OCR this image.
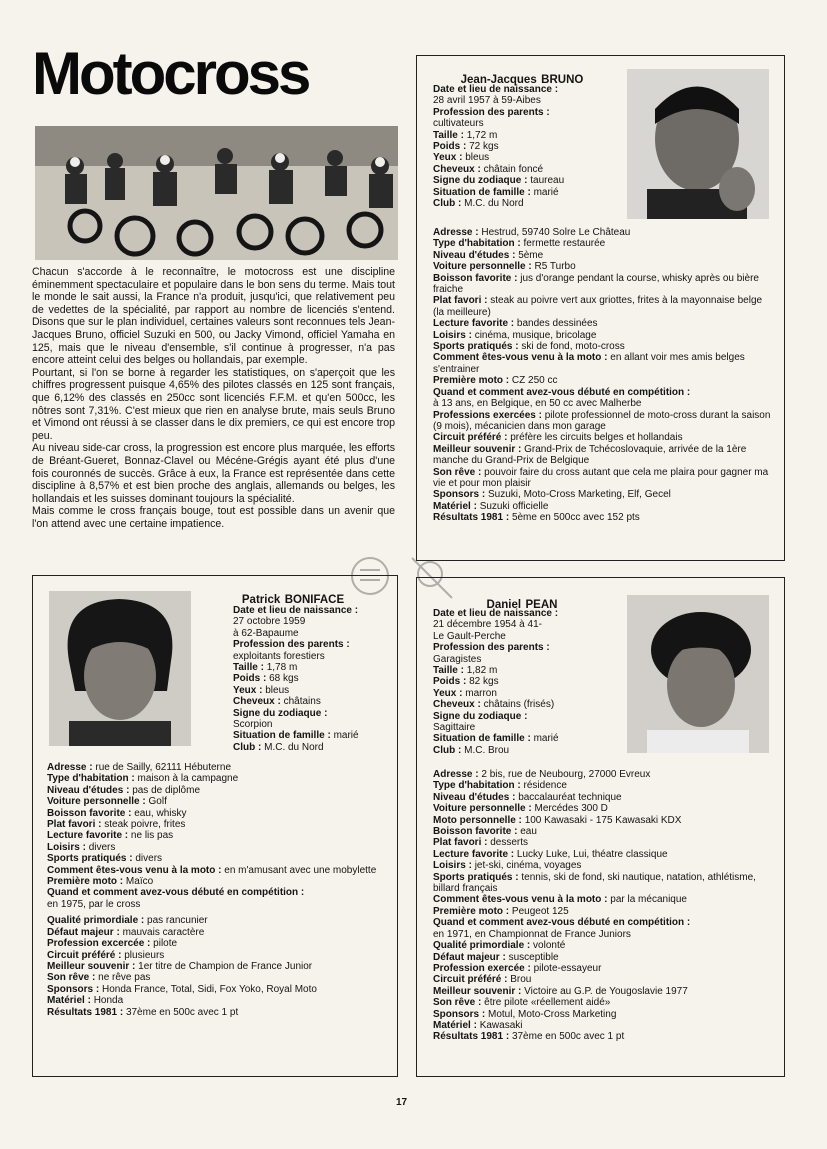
Motocross

Chacun s'accorde à le reconnaître, le motocross est une discipline éminemment spectaculaire et populaire dans le bon sens du terme. Mais tout le monde le sait aussi, la France n'a produit, jusqu'ici, que relativement peu de vedettes de la spécialité, par rapport au nombre de licenciés s'entend. Disons que sur le plan individuel, certaines valeurs sont reconnues tels Jean-Jacques Bruno, officiel Suzuki en 500, ou Jacky Vimond, officiel Yamaha en 125, mais que le niveau d'ensemble, s'il continue à progresser, n'a pas encore atteint celui des belges ou hollandais, par exemple.

Pourtant, si l'on se borne à regarder les statistiques, on s'aperçoit que les chiffres progressent puisque 4,65% des pilotes classés en 125 sont français, que 6,12% des classés en 250cc sont licenciés F.F.M. et qu'en 500cc, les nôtres sont 7,31%. C'est mieux que rien en analyse brute, mais seuls Bruno et Vimond ont réussi à se classer dans le dix premiers, ce qui est encore trop peu.

Au niveau side-car cross, la progression est encore plus marquée, les efforts de Bréant-Gueret, Bonnaz-Clavel ou Mécéne-Grégis ayant été plus d'une fois couronnés de succès. Grâce à eux, la France est représentée dans cette discipline à 8,57% et est bien proche des anglais, allemands ou belges, les hollandais et les suisses dominant toujours la spécialité.

Mais comme le cross français bouge, tout est possible dans un avenir que l'on attend avec une certaine impatience.

Jean-Jacques BRUNO
Date et lieu de naissance :
28 avril 1957 à 59-Aibes
Profession des parents :
cultivateurs
Taille : 1,72 m
Poids : 72 kgs
Yeux : bleus
Cheveux : châtain foncé
Signe du zodiaque : taureau
Situation de famille : marié
Club : M.C. du Nord
Adresse : Hestrud, 59740 Solre Le Château
Type d'habitation : fermette restaurée
Niveau d'études : 5ème
Voiture personnelle : R5 Turbo
Boisson favorite : jus d'orange pendant la course, whisky après ou bière fraiche
Plat favori : steak au poivre vert aux griottes, frites à la mayonnaise belge (la meilleure)
Lecture favorite : bandes dessinées
Loisirs : cinéma, musique, bricolage
Sports pratiqués : ski de fond, moto-cross
Comment êtes-vous venu à la moto : en allant voir mes amis belges s'entrainer
Première moto : CZ 250 cc
Quand et comment avez-vous débuté en compétition :
à 13 ans, en Belgique, en 50 cc avec Malherbe
Professions exercées : pilote professionnel de moto-cross durant la saison (9 mois), mécanicien dans mon garage
Circuit préféré : préfère les circuits belges et hollandais
Meilleur souvenir : Grand-Prix de Tchécoslovaquie, arrivée de la 1ère manche du Grand-Prix de Belgique
Son rêve : pouvoir faire du cross autant que cela me plaira pour gagner ma vie et pour mon plaisir
Sponsors : Suzuki, Moto-Cross Marketing, Elf, Gecel
Matériel : Suzuki officielle
Résultats 1981 : 5ème en 500cc avec 152 pts
Patrick BONIFACE
Date et lieu de naissance :
27 octobre 1959
à 62-Bapaume
Profession des parents :
exploitants forestiers
Taille : 1,78 m
Poids : 68 kgs
Yeux : bleus
Cheveux : châtains
Signe du zodiaque :
Scorpion
Situation de famille : marié
Club : M.C. du Nord
Adresse : rue de Sailly, 62111 Hébuterne
Type d'habitation : maison à la campagne
Niveau d'études : pas de diplôme
Voiture personnelle : Golf
Boisson favorite : eau, whisky
Plat favori : steak poivre, frites
Lecture favorite : ne lis pas
Loisirs : divers
Sports pratiqués : divers
Comment êtes-vous venu à la moto : en m'amusant avec une mobylette
Première moto : Maïco
Quand et comment avez-vous débuté en compétition :
en 1975, par le cross
Qualité primordiale : pas rancunier
Défaut majeur : mauvais caractère
Profession excercée : pilote
Circuit préféré : plusieurs
Meilleur souvenir : 1er titre de Champion de France Junior
Son rêve : ne rêve pas
Sponsors : Honda France, Total, Sidi, Fox Yoko, Royal Moto
Matériel : Honda
Résultats 1981 : 37ème en 500c avec 1 pt
Daniel PEAN
Date et lieu de naissance :
21 décembre 1954 à 41-
Le Gault-Perche
Profession des parents :
Garagistes
Taille : 1,82 m
Poids : 82 kgs
Yeux : marron
Cheveux : châtains (frisés)
Signe du zodiaque :
Sagittaire
Situation de famille : marié
Club : M.C. Brou
Adresse : 2 bis, rue de Neubourg, 27000 Evreux
Type d'habitation : résidence
Niveau d'études : baccalauréat technique
Voiture personnelle : Mercédes 300 D
Moto personnelle : 100 Kawasaki - 175 Kawasaki KDX
Boisson favorite : eau
Plat favori : desserts
Lecture favorite : Lucky Luke, Lui, théatre classique
Loisirs : jet-ski, cinéma, voyages
Sports pratiqués : tennis, ski de fond, ski nautique, natation, athlétisme, billard français
Comment êtes-vous venu à la moto : par la mécanique
Première moto : Peugeot 125
Quand et comment avez-vous débuté en compétition :
en 1971, en Championnat de France Juniors
Qualité primordiale : volonté
Défaut majeur : susceptible
Profession exercée : pilote-essayeur
Circuit préféré : Brou
Meilleur souvenir : Victoire au G.P. de Yougoslavie 1977
Son rêve : être pilote «réellement aidé»
Sponsors : Motul, Moto-Cross Marketing
Matériel : Kawasaki
Résultats 1981 : 37ème en 500c avec 1 pt
17
